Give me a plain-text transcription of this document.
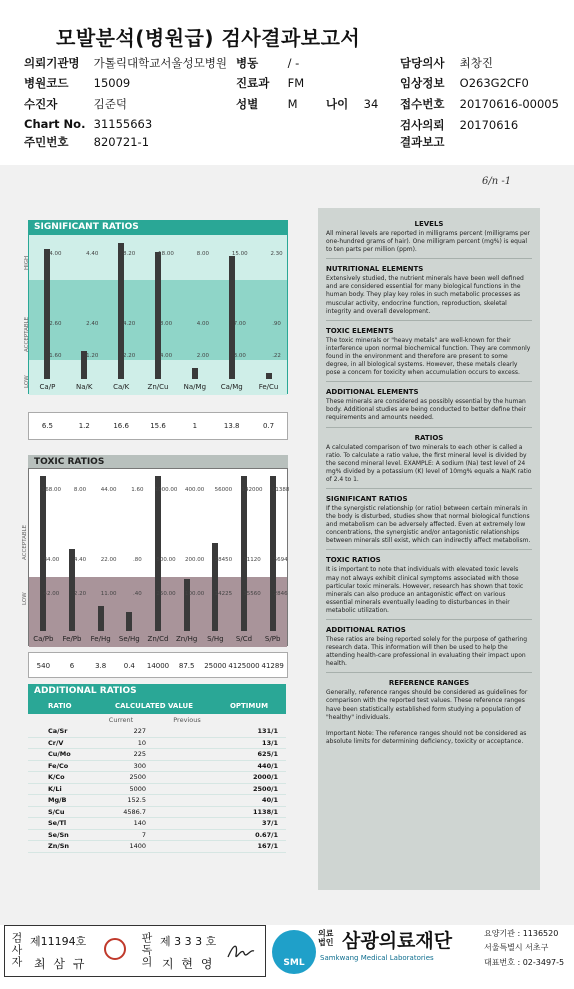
모발분석(병원급) 검사결과보고서
의뢰기관명 가톨릭대학교서울성모병원 병동	/ -	담당의사 최창진
병원코드 15009	진료과 FM	임상정보 O263G2CF0
수진자	김준덕	성별	M 나이 34 접수번호 20170616-00005
Chart No. 31155663	검사의뢰 20170616
주민번호 820721-1	결과보고
6/n -1
SIGNIFICANT RATIOS
Ca/P
4.00
2.60
1.60
Na/K
4.40
2.40
1.20
Ca/K
8.20
4.20
2.20
Zn/Cu
18.00
8.00
4.00
Na/Mg
8.00
4.00
2.00
Ca/Mg
15.00
7.00
3.00
Fe/Cu
2.30
.90
.22
HIGH
ACCEPTABLE
LOW
6.5	1.2	16.6	15.6	1	13.8	0.7
TOXIC RATIOS
Ca/Pb
168.00
84.00
42.00
Fe/Pb
8.00
4.40
2.20
Fe/Hg
44.00
22.00
11.00
Se/Hg
1.60
.80
.40
Zn/Cd
1000.00
500.00
250.00
Zn/Hg
400.00
200.00
100.00
S/Hg
56000
28450
14225
S/Cd
142000
71120
35560
S/Pb
11388
5694
2846
ACCEPTABLE
LOW
540	6	3.8	0.4	14000	87.5	25000 4125000 41289
ADDITIONAL RATIOS
RATIO	CALCULATED VALUE	OPTIMUM
Current	Previous
Ca/Sr	227	131/1
Cr/V	10	13/1
Cu/Mo	225	625/1
Fe/Co	300	440/1
K/Co	2500	2000/1
K/Li	5000	2500/1
Mg/B	152.5	40/1
S/Cu	4586.7	1138/1
Se/Tl	140	37/1
Se/Sn	7	0.67/1
Zn/Sn	1400	167/1
LEVELS
All mineral levels are reported in milligrams percent (milligrams per one-hundred grams of hair). One milligram percent (mg%) is equal to ten parts per million (ppm).
NUTRITIONAL ELEMENTS
Extensively studied, the nutrient minerals have been well defined and are considered essential for many biological functions in the human body. They play key roles in such metabolic processes as muscular activity, endocrine function, reproduction, skeletal integrity and overall development.
TOXIC ELEMENTS
The toxic minerals or "heavy metals" are well-known for their interference upon normal biochemical function. They are commonly found in the environment and therefore are present to some degree, in all biological systems. However, these metals clearly pose a concern for toxicity when accumulation occurs to excess.
ADDITIONAL ELEMENTS
These minerals are considered as possibly essential by the human body. Additional studies are being conducted to better define their requirements and amounts needed.
RATIOS
A calculated comparison of two minerals to each other is called a ratio. To calculate a ratio value, the first mineral level is divided by the second mineral level. EXAMPLE: A sodium (Na) test level of 24 mg% divided by a potassium (K) level of 10mg% equals a Na/K ratio of 2.4 to 1.
SIGNIFICANT RATIOS
If the synergistic relationship (or ratio) between certain minerals in the body is disturbed, studies show that normal biological functions and metabolism can be adversely affected. Even at extremely low concentrations, the synergistic and/or antagonistic relationships between minerals still exist, which can indirectly affect metabolism.
TOXIC RATIOS
It is important to note that individuals with elevated toxic levels may not always exhibit clinical symptoms associated with those particular toxic minerals. However, research has shown that toxic minerals can also produce an antagonistic effect on various essential minerals eventually leading to disturbances in their metabolic utilization.
ADDITIONAL RATIOS
These ratios are being reported solely for the purpose of gathering research data. This information will then be used to help the attending health-care professional in evaluating their impact upon health.
REFERENCE RANGES
Generally, reference ranges should be considered as guidelines for comparison with the reported test values. These reference ranges have been statistically established form studying a population of "healthy" individuals.
Important Note: The reference ranges should not be considered as absolute limits for determining deficiency, toxicity or acceptance.
검사자 제11194호
최 삼 규	판독의 제 3 3 3 호
지 현 영	SML
의료법인 삼광의료재단
Samkwang Medical Laboratories
요양기관 : 1136520
서울특별시 서초구
대표번호 : 02-3497-5
